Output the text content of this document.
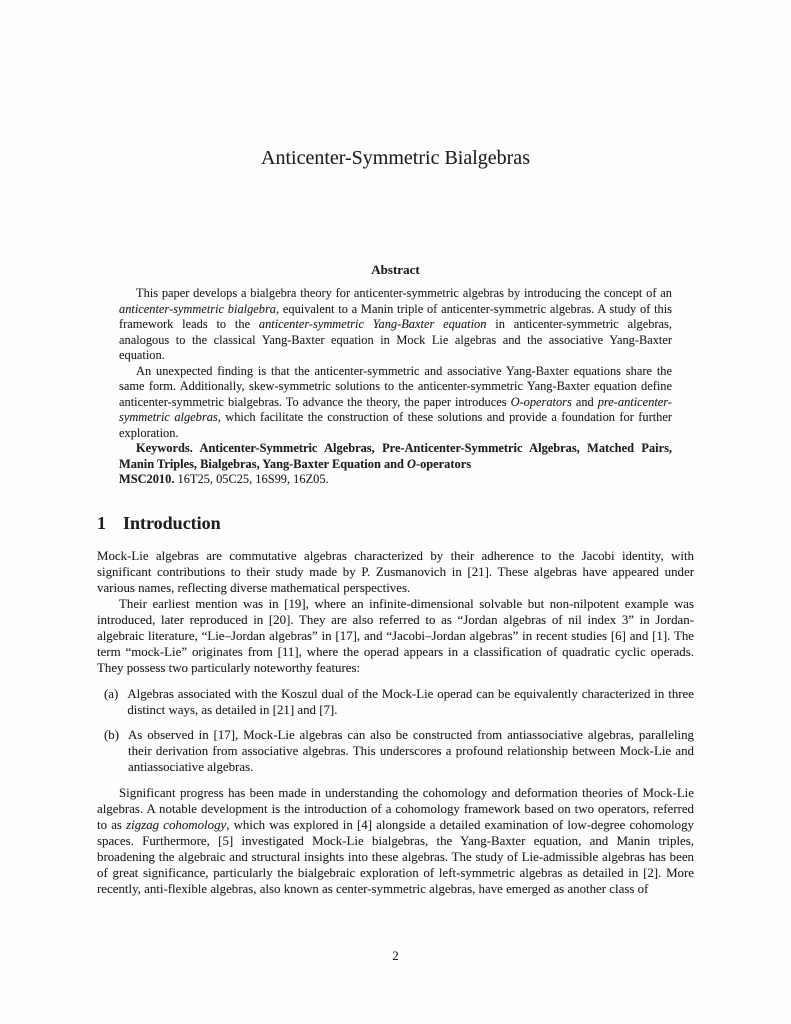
Anticenter-Symmetric Bialgebras
Abstract

This paper develops a bialgebra theory for anticenter-symmetric algebras by introducing the concept of an anticenter-symmetric bialgebra, equivalent to a Manin triple of anticenter-symmetric algebras. A study of this framework leads to the anticenter-symmetric Yang-Baxter equation in anticenter-symmetric algebras, analogous to the classical Yang-Baxter equation in Mock Lie algebras and the associative Yang-Baxter equation.

An unexpected finding is that the anticenter-symmetric and associative Yang-Baxter equations share the same form. Additionally, skew-symmetric solutions to the anticenter-symmetric Yang-Baxter equation define anticenter-symmetric bialgebras. To advance the theory, the paper introduces O-operators and pre-anticenter-symmetric algebras, which facilitate the construction of these solutions and provide a foundation for further exploration.

Keywords. Anticenter-Symmetric Algebras, Pre-Anticenter-Symmetric Algebras, Matched Pairs, Manin Triples, Bialgebras, Yang-Baxter Equation and O-operators

MSC2010. 16T25, 05C25, 16S99, 16Z05.

1 Introduction

Mock-Lie algebras are commutative algebras characterized by their adherence to the Jacobi identity, with significant contributions to their study made by P. Zusmanovich in [21]. These algebras have appeared under various names, reflecting diverse mathematical perspectives.

Their earliest mention was in [19], where an infinite-dimensional solvable but non-nilpotent example was introduced, later reproduced in [20]. They are also referred to as “Jordan algebras of nil index 3” in Jordan-algebraic literature, “Lie–Jordan algebras” in [17], and “Jacobi–Jordan algebras” in recent studies [6] and [1]. The term “mock-Lie” originates from [11], where the operad appears in a classification of quadratic cyclic operads. They possess two particularly noteworthy features:

(a) Algebras associated with the Koszul dual of the Mock-Lie operad can be equivalently characterized in three distinct ways, as detailed in [21] and [7].
(b) As observed in [17], Mock-Lie algebras can also be constructed from antiassociative algebras, paralleling their derivation from associative algebras. This underscores a profound relationship between Mock-Lie and antiassociative algebras.

Significant progress has been made in understanding the cohomology and deformation theories of Mock-Lie algebras. A notable development is the introduction of a cohomology framework based on two operators, referred to as zigzag cohomology, which was explored in [4] alongside a detailed examination of low-degree cohomology spaces. Furthermore, [5] investigated Mock-Lie bialgebras, the Yang-Baxter equation, and Manin triples, broadening the algebraic and structural insights into these algebras. The study of Lie-admissible algebras has been of great significance, particularly the bialgebraic exploration of left-symmetric algebras as detailed in [2]. More recently, anti-flexible algebras, also known as center-symmetric algebras, have emerged as another class of

2
